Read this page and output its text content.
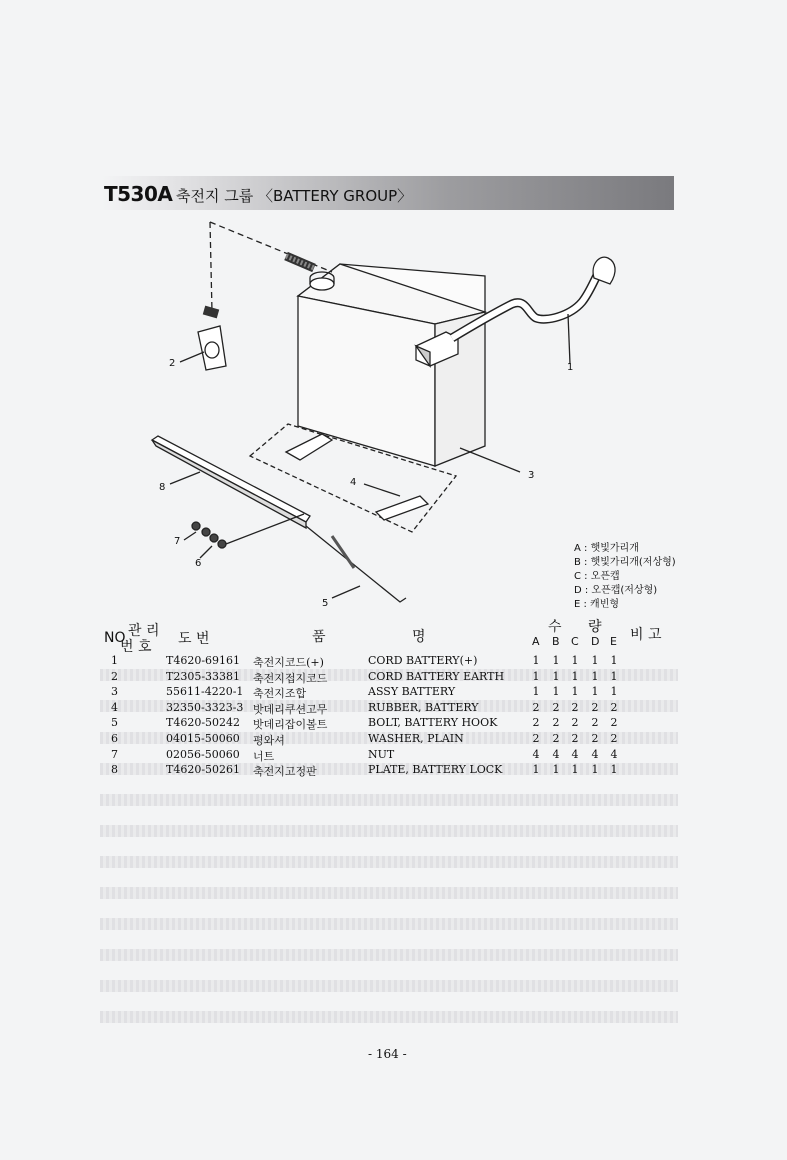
T530A 축전지 그룹 〈BATTERY GROUP〉
1
2
3
4
5
6
7
8
A : 햇빛가리개
B : 햇빛가리개(저상형)
C : 오픈캡
D : 오픈캡(저상형)
E : 캐빈형
NO 관 리
번 호 도 번	품	명
수 량 비 고
A B C D E
1	T4620-69161 축전지코드(+)	CORD BATTERY(+)	1 1 1 1 1
2	T2305-33381 축전지접지코드	CORD BATTERY EARTH	1 1 1 1 1
3	55611-4220-1 축전지조합	ASSY BATTERY	1 1 1 1 1
4	32350-3323-3 밧데리쿠션고무	RUBBER, BATTERY	2 2 2 2 2
5	T4620-50242 밧데리잡이볼트	BOLT, BATTERY HOOK	2 2 2 2 2
6	04015-50060 평와셔	WASHER, PLAIN	2 2 2 2 2
7	02056-50060 너트	NUT	4 4 4 4 4
8	T4620-50261 축전지고정판	PLATE, BATTERY LOCK	1 1 1 1 1
- 164 -
